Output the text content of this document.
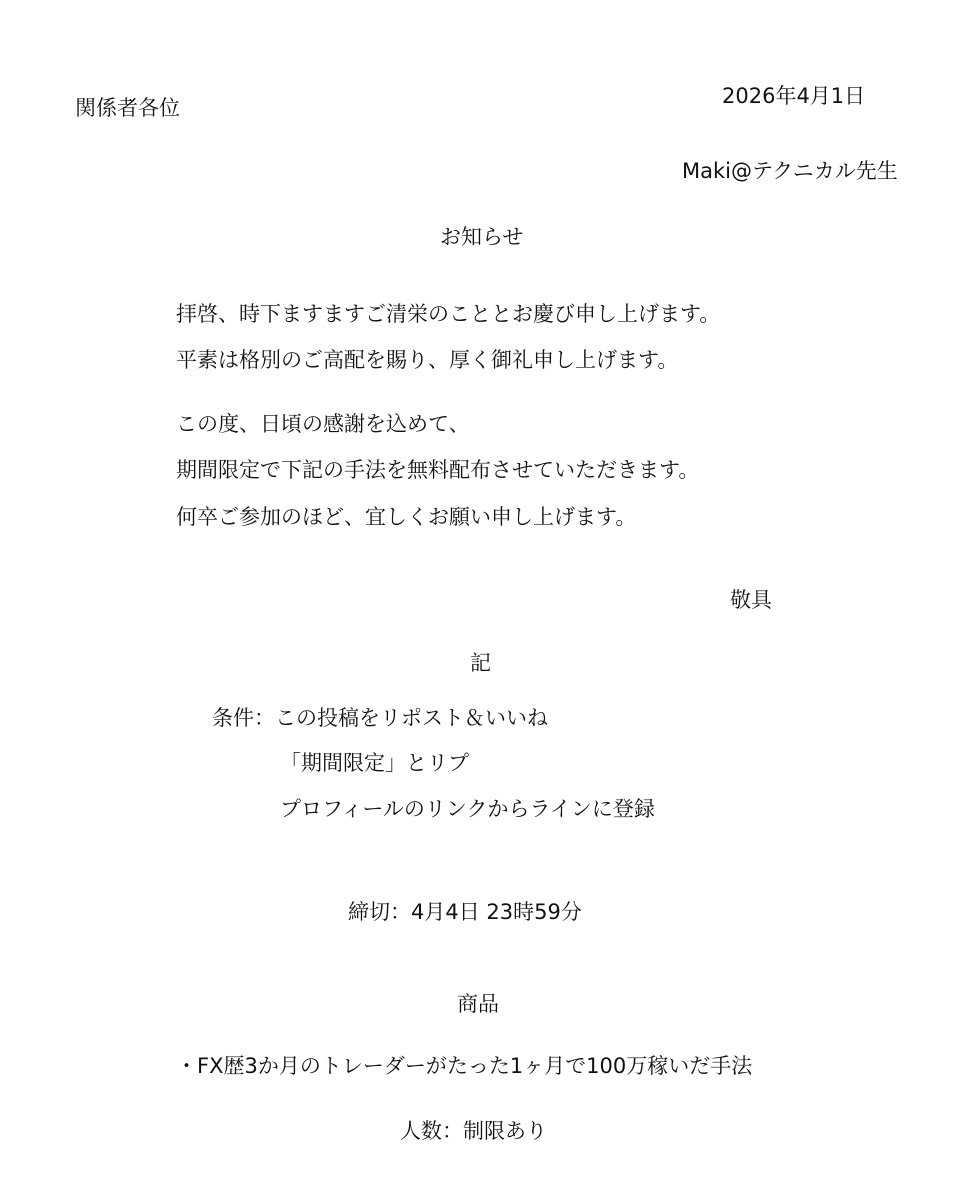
関係者各位	2026年4月1日
Maki@テクニカル先生
お知らせ
拝啓、時下ますますご清栄のこととお慶び申し上げます。
平素は格別のご高配を賜り、厚く御礼申し上げます。
この度、日頃の感謝を込めて、
期間限定で下記の手法を無料配布させていただきます。
何卒ご参加のほど、宜しくお願い申し上げます。
敬具
記
条件：この投稿をリポスト＆いいね
「期間限定」とリプ
プロフィールのリンクからラインに登録
締切：4月4日 23時59分
商品
・FX歴3か月のトレーダーがたった1ヶ月で100万稼いだ手法
人数：制限あり
